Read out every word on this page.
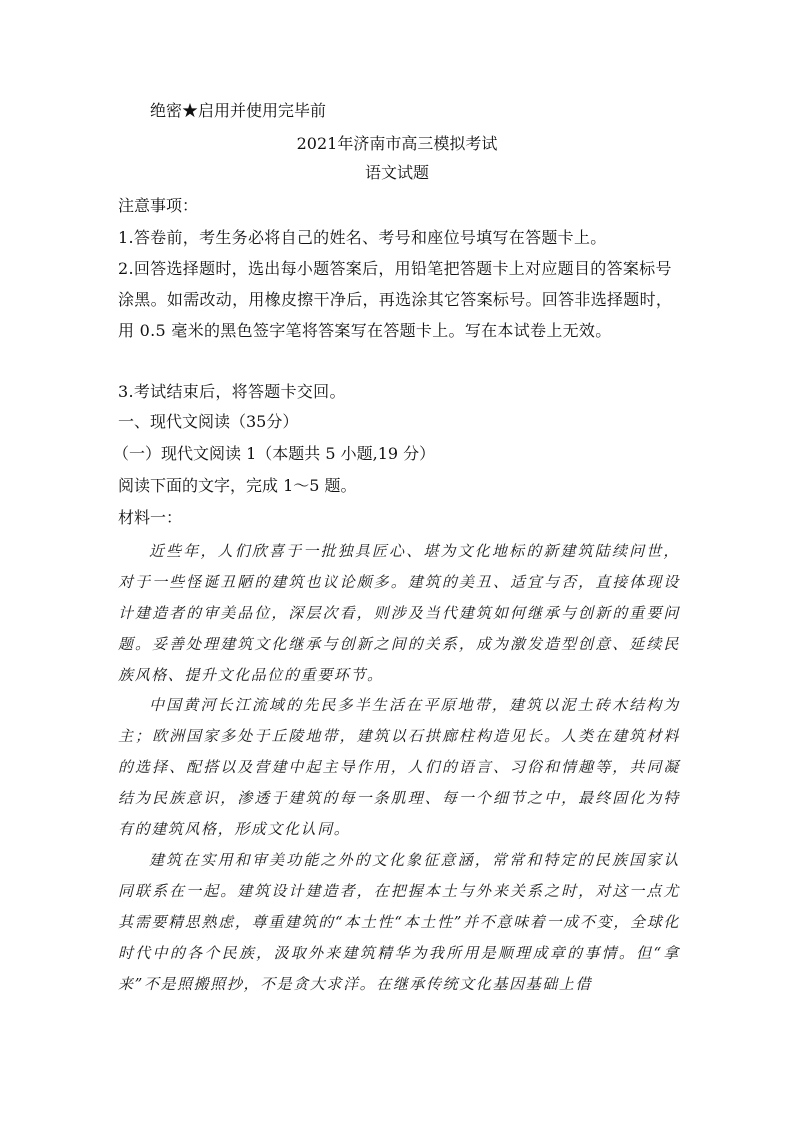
绝密★启用并使用完毕前
2021年济南市高三模拟考试
语文试题
注意事项：
1.答卷前，考生务必将自己的姓名、考号和座位号填写在答题卡上。
2.回答选择题时，选出每小题答案后，用铅笔把答题卡上对应题目的答案标号涂黑。如需改动，用橡皮擦干净后，再选涂其它答案标号。回答非选择题时，用 0.5 毫米的黑色签字笔将答案写在答题卡上。写在本试卷上无效。
3.考试结束后，将答题卡交回。
一、现代文阅读（35分）
（一）现代文阅读 1（本题共 5 小题,19 分）
阅读下面的文字，完成 1～5 题。
材料一：
近些年，人们欣喜于一批独具匠心、堪为文化地标的新建筑陆续问世，对于一些怪诞丑陋的建筑也议论颇多。建筑的美丑、适宜与否，直接体现设计建造者的审美品位，深层次看，则涉及当代建筑如何继承与创新的重要问题。妥善处理建筑文化继承与创新之间的关系，成为激发造型创意、延续民族风格、提升文化品位的重要环节。
中国黄河长江流域的先民多半生活在平原地带，建筑以泥土砖木结构为主；欧洲国家多处于丘陵地带，建筑以石拱廊柱构造见长。人类在建筑材料的选择、配搭以及营建中起主导作用，人们的语言、习俗和情趣等，共同凝结为民族意识，渗透于建筑的每一条肌理、每一个细节之中，最终固化为特有的建筑风格，形成文化认同。
建筑在实用和审美功能之外的文化象征意涵，常常和特定的民族国家认同联系在一起。建筑设计建造者，在把握本土与外来关系之时，对这一点尤其需要精思熟虑，尊重建筑的“本土性“本土性”并不意味着一成不变，全球化时代中的各个民族，汲取外来建筑精华为我所用是顺理成章的事情。但“拿来”不是照搬照抄，不是贪大求洋。在继承传统文化基因基础上借
